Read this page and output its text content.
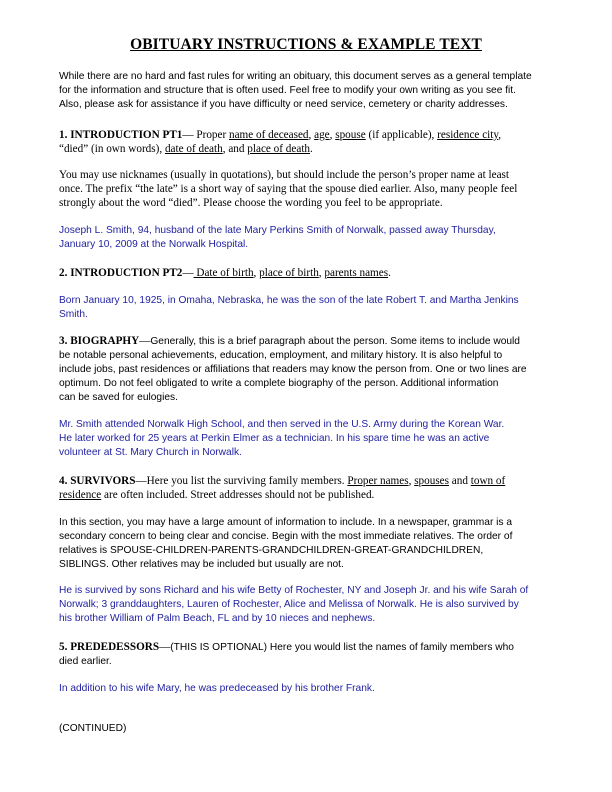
OBITUARY INSTRUCTIONS & EXAMPLE TEXT
While there are no hard and fast rules for writing an obituary, this document serves as a general template
for the information and structure that is often used. Feel free to modify your own writing as you see fit.
Also, please ask for assistance if you have difficulty or need service, cemetery or charity addresses.
1. INTRODUCTION PT1— Proper name of deceased, age, spouse (if applicable), residence city,
“died” (in own words), date of death, and place of death.
You may use nicknames (usually in quotations), but should include the person’s proper name at least
once. The prefix “the late” is a short way of saying that the spouse died earlier. Also, many people feel
strongly about the word “died”. Please choose the wording you feel to be appropriate.
Joseph L. Smith, 94, husband of the late Mary Perkins Smith of Norwalk, passed away Thursday,
January 10, 2009 at the Norwalk Hospital.
2. INTRODUCTION PT2— Date of birth, place of birth, parents names.
Born January 10, 1925, in Omaha, Nebraska, he was the son of the late Robert T. and Martha Jenkins
Smith.
3. BIOGRAPHY—Generally, this is a brief paragraph about the person. Some items to include would
be notable personal achievements, education, employment, and military history. It is also helpful to
include jobs, past residences or affiliations that readers may know the person from. One or two lines are
optimum. Do not feel obligated to write a complete biography of the person. Additional information
can be saved for eulogies.
Mr. Smith attended Norwalk High School, and then served in the U.S. Army during the Korean War.
He later worked for 25 years at Perkin Elmer as a technician. In his spare time he was an active
volunteer at St. Mary Church in Norwalk.
4. SURVIVORS—Here you list the surviving family members. Proper names, spouses and town of
residence are often included. Street addresses should not be published.
In this section, you may have a large amount of information to include. In a newspaper, grammar is a
secondary concern to being clear and concise. Begin with the most immediate relatives. The order of
relatives is SPOUSE-CHILDREN-PARENTS-GRANDCHILDREN-GREAT-GRANDCHILDREN,
SIBLINGS. Other relatives may be included but usually are not.
He is survived by sons Richard and his wife Betty of Rochester, NY and Joseph Jr. and his wife Sarah of
Norwalk; 3 granddaughters, Lauren of Rochester, Alice and Melissa of Norwalk. He is also survived by
his brother William of Palm Beach, FL and by 10 nieces and nephews.
5. PREDEDESSORS—(THIS IS OPTIONAL) Here you would list the names of family members who
died earlier.
In addition to his wife Mary, he was predeceased by his brother Frank.
(CONTINUED)
